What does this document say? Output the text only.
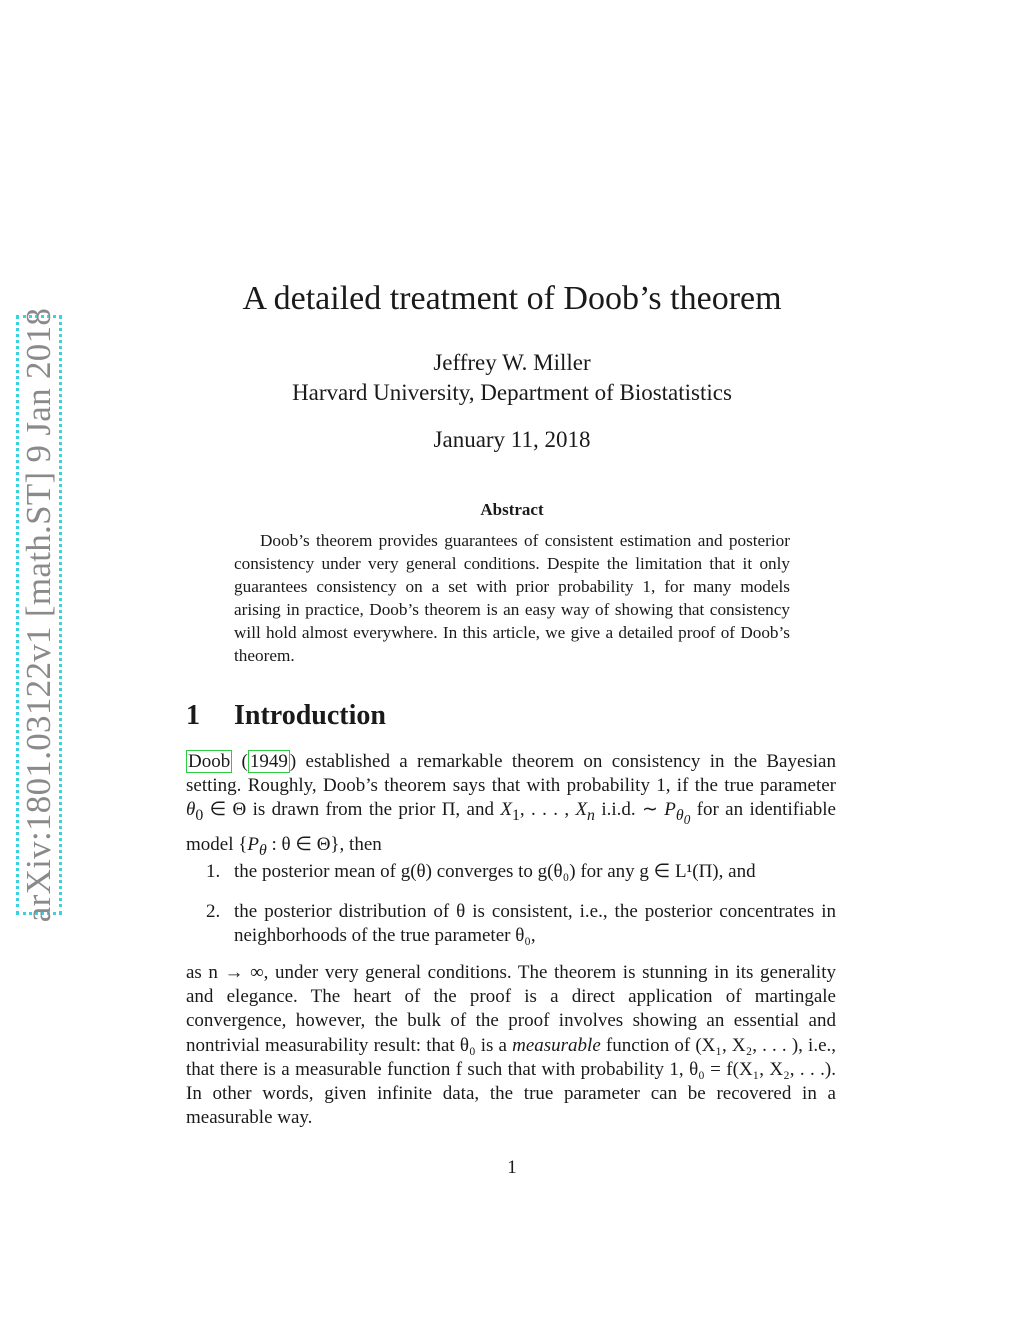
arXiv:1801.03122v1 [math.ST] 9 Jan 2018
A detailed treatment of Doob’s theorem

Jeffrey W. Miller

Harvard University, Department of Biostatistics

January 11, 2018

Abstract

Doob’s theorem provides guarantees of consistent estimation and posterior consistency under very general conditions. Despite the limitation that it only guarantees consistency on a set with prior probability 1, for many models arising in practice, Doob’s theorem is an easy way of showing that consistency will hold almost everywhere. In this article, we give a detailed proof of Doob’s theorem.

1 Introduction

Doob ( 1949 ) established a remarkable theorem on consistency in the Bayesian setting. Roughly, Doob’s theorem says that with probability 1, if the true parameter $\theta_0$ ∈ Θ is drawn from the prior Π, and $X_1$, . . . , $X_n$ i.i.d. ∼ $P_{\theta_0}$ for an identifiable model {$P_\theta$ : θ ∈ Θ}, then

1. the posterior mean of g(θ) converges to g(θ₀) for any g ∈ L¹(Π), and
2. the posterior distribution of θ is consistent, i.e., the posterior concentrates in neighborhoods of the true parameter θ₀,

as n → ∞, under very general conditions. The theorem is stunning in its generality and elegance. The heart of the proof is a direct application of martingale convergence, however, the bulk of the proof involves showing an essential and nontrivial measurability result: that θ₀ is a measurable function of (X₁, X₂, . . . ), i.e., that there is a measurable function f such that with probability 1, θ₀ = f(X₁, X₂, . . .). In other words, given infinite data, the true parameter can be recovered in a measurable way.

1
